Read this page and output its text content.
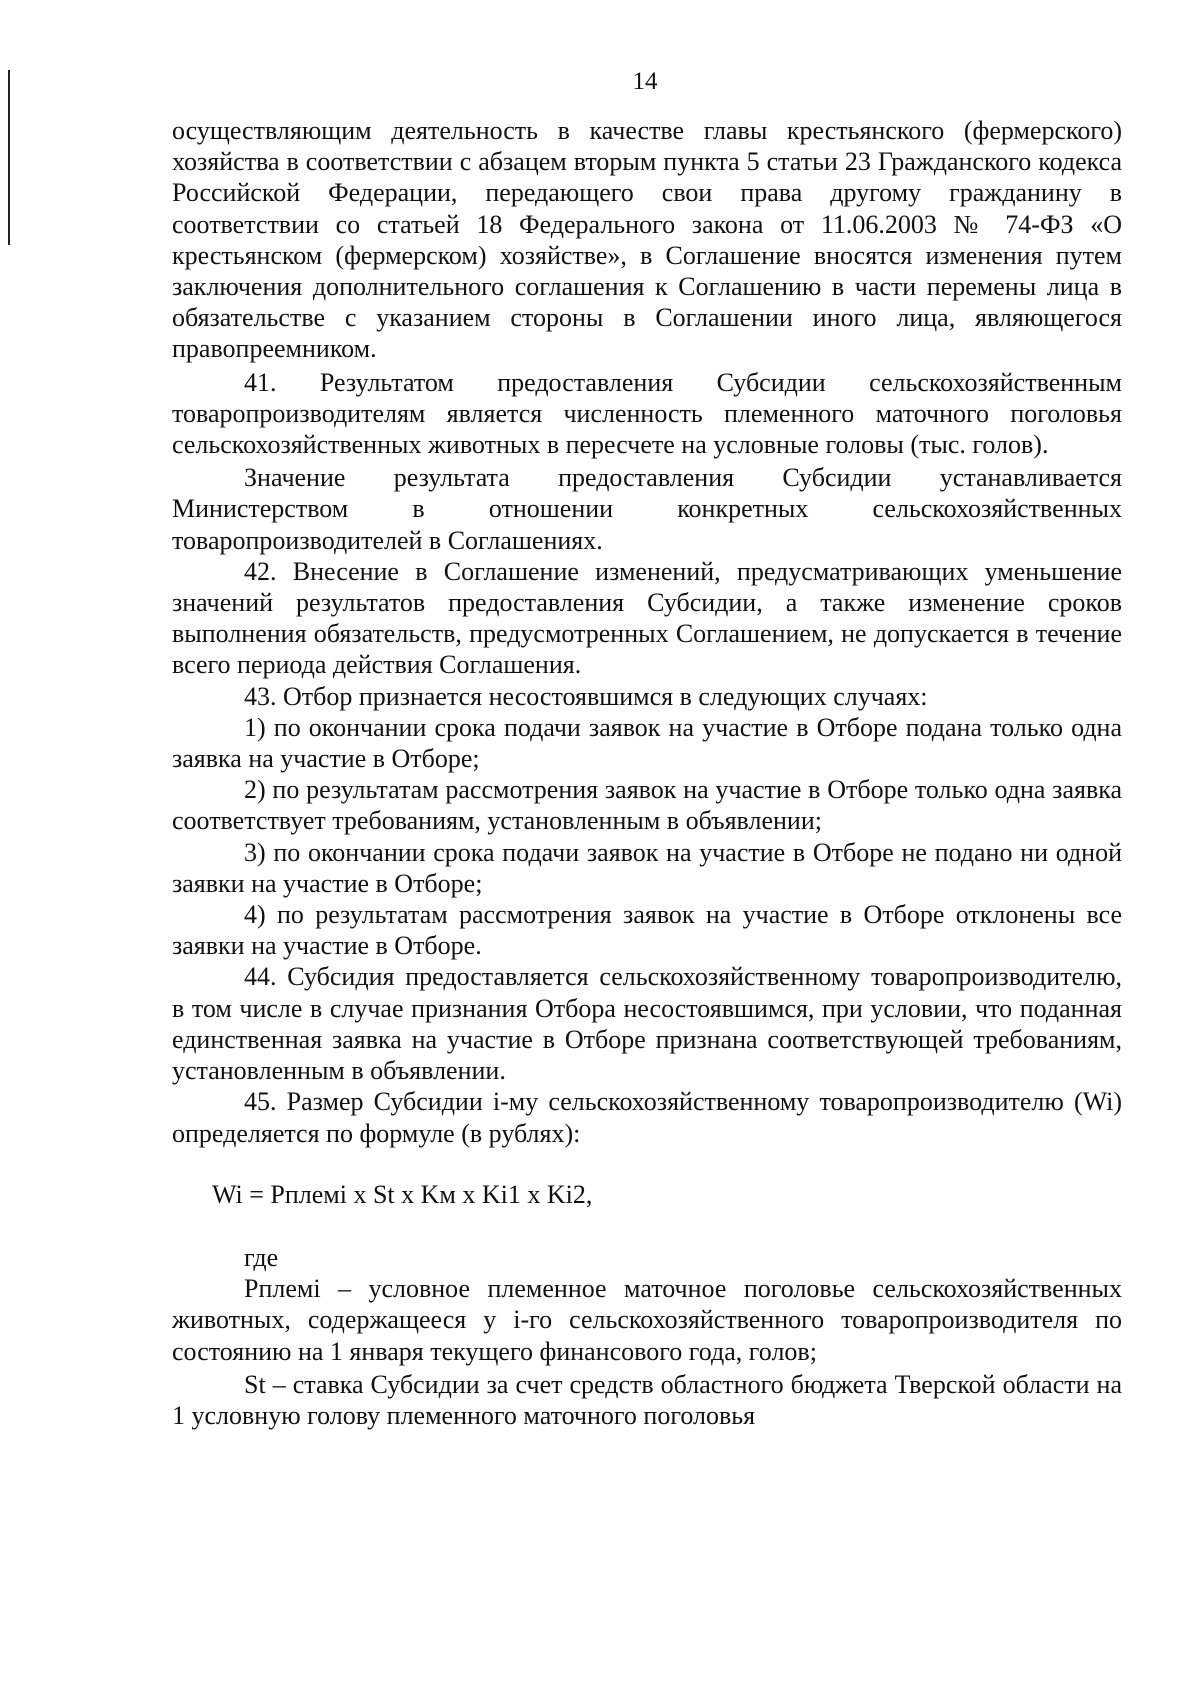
14

осуществляющим деятельность в качестве главы крестьянского (фермерского) хозяйства в соответствии с абзацем вторым пункта 5 статьи 23 Гражданского кодекса Российской Федерации, передающего свои права другому гражданину в соответствии со статьей 18 Федерального закона от 11.06.2003 № 74-ФЗ «О крестьянском (фермерском) хозяйстве», в Соглашение вносятся изменения путем заключения дополнительного соглашения к Соглашению в части перемены лица в обязательстве с указанием стороны в Соглашении иного лица, являющегося правопреемником.

41. Результатом предоставления Субсидии сельскохозяйственным товаропроизводителям является численность племенного маточного поголовья сельскохозяйственных животных в пересчете на условные головы (тыс. голов).

Значение результата предоставления Субсидии устанавливается Министерством в отношении конкретных сельскохозяйственных товаропроизводителей в Соглашениях.

42. Внесение в Соглашение изменений, предусматривающих уменьшение значений результатов предоставления Субсидии, а также изменение сроков выполнения обязательств, предусмотренных Соглашением, не допускается в течение всего периода действия Соглашения.

43. Отбор признается несостоявшимся в следующих случаях:

1) по окончании срока подачи заявок на участие в Отборе подана только одна заявка на участие в Отборе;

2) по результатам рассмотрения заявок на участие в Отборе только одна заявка соответствует требованиям, установленным в объявлении;

3) по окончании срока подачи заявок на участие в Отборе не подано ни одной заявки на участие в Отборе;

4) по результатам рассмотрения заявок на участие в Отборе отклонены все заявки на участие в Отборе.

44. Субсидия предоставляется сельскохозяйственному товаропроизводителю, в том числе в случае признания Отбора несостоявшимся, при условии, что поданная единственная заявка на участие в Отборе признана соответствующей требованиям, установленным в объявлении.

45. Размер Субсидии i-му сельскохозяйственному товаропроизводителю (Wi) определяется по формуле (в рублях):

Wi = Рплемi x St x Kм x Ki1 x Ki2,

где

Рплемi – условное племенное маточное поголовье сельскохозяйственных животных, содержащееся у i-го сельскохозяйственного товаропроизводителя по состоянию на 1 января текущего финансового года, голов;

St – ставка Субсидии за счет средств областного бюджета Тверской области на 1 условную голову племенного маточного поголовья
